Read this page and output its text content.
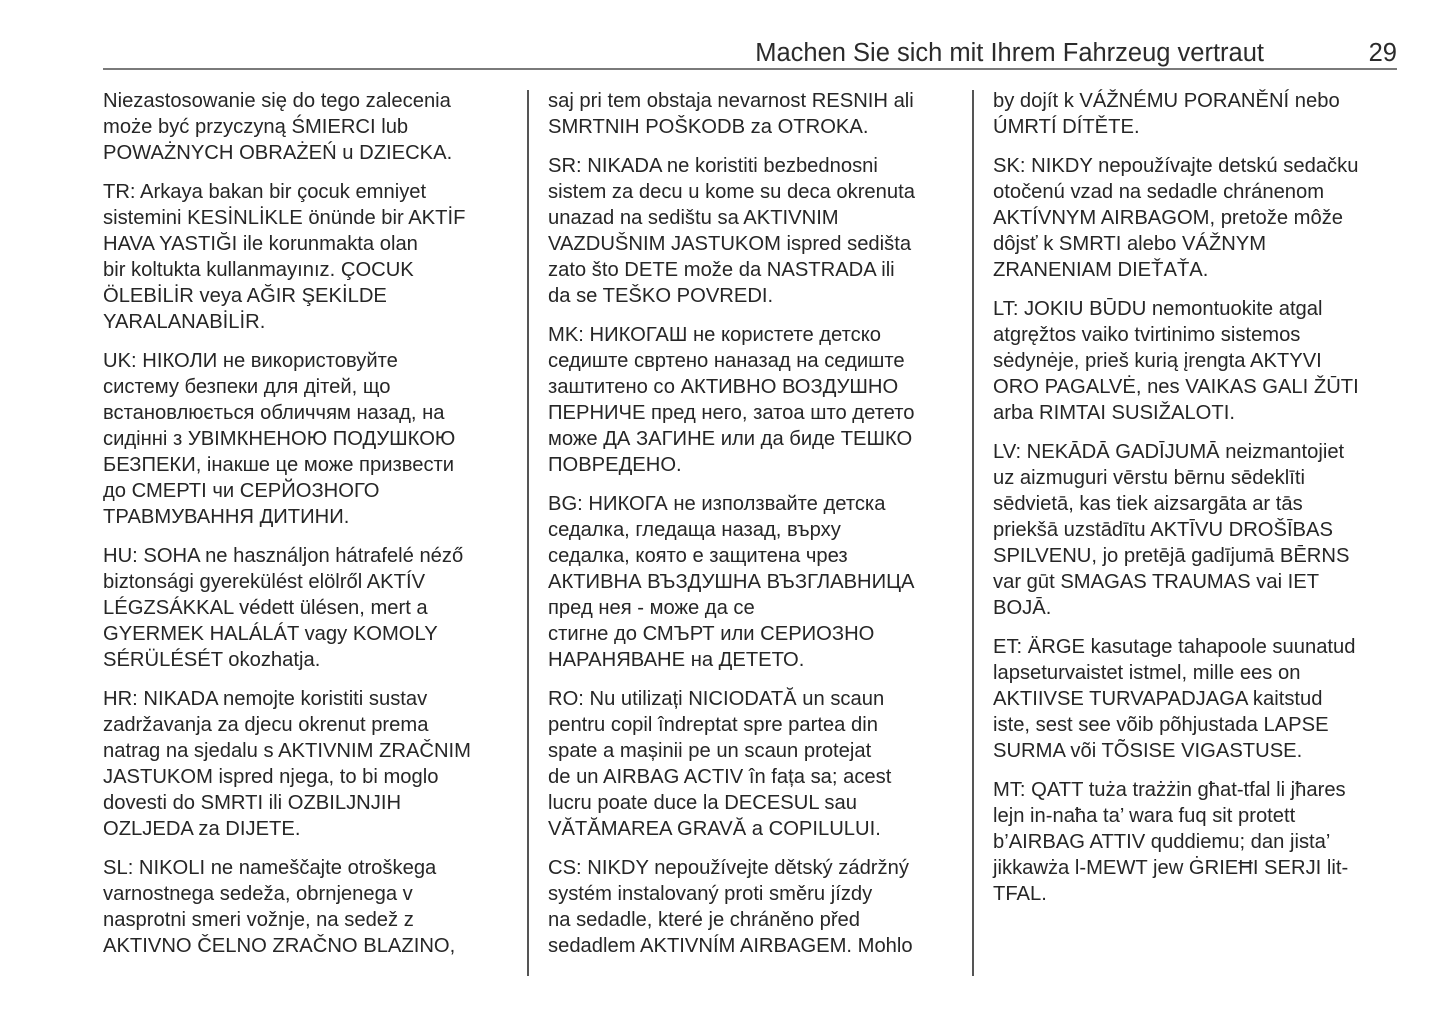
Machen Sie sich mit Ihrem Fahrzeug vertraut	29

Niezastosowanie się do tego zalecenia
może być przyczyną ŚMIERCI lub
POWAŻNYCH OBRAŻEŃ u DZIECKA.

TR: Arkaya bakan bir çocuk emniyet
sistemini KESİNLİKLE önünde bir AKTİF
HAVA YASTIĞI ile korunmakta olan
bir koltukta kullanmayınız. ÇOCUK
ÖLEBİLİR veya AĞIR ŞEKİLDE
YARALANABİLİR.

UK: НІКОЛИ не використовуйте
систему безпеки для дітей, що
встановлюється обличчям назад, на
сидінні з УВІМКНЕНОЮ ПОДУШКОЮ
БЕЗПЕКИ, інакше це може призвести
до СМЕРТІ чи СЕРЙОЗНОГО
ТРАВМУВАННЯ ДИТИНИ.

HU: SOHA ne használjon hátrafelé néző
biztonsági gyerekülést elölről AKTÍV
LÉGZSÁKKAL védett ülésen, mert a
GYERMEK HALÁLÁT vagy KOMOLY
SÉRÜLÉSÉT okozhatja.

HR: NIKADA nemojte koristiti sustav
zadržavanja za djecu okrenut prema
natrag na sjedalu s AKTIVNIM ZRAČNIM
JASTUKOM ispred njega, to bi moglo
dovesti do SMRTI ili OZBILJNJIH
OZLJEDA za DIJETE.

SL: NIKOLI ne nameščajte otroškega
varnostnega sedeža, obrnjenega v
nasprotni smeri vožnje, na sedež z
AKTIVNO ČELNO ZRAČNO BLAZINO,

saj pri tem obstaja nevarnost RESNIH ali
SMRTNIH POŠKODB za OTROKA.

SR: NIKADA ne koristiti bezbednosni
sistem za decu u kome su deca okrenuta
unazad na sedištu sa AKTIVNIM
VAZDUŠNIM JASTUKOM ispred sedišta
zato što DETE može da NASTRADA ili
da se TEŠKO POVREDI.

MK: НИКОГАШ не користете детско
седиште свртено наназад на седиште
заштитено со АКТИВНО ВОЗДУШНО
ПЕРНИЧЕ пред него, затоа што детето
може ДА ЗАГИНЕ или да биде ТЕШКО
ПОВРЕДЕНО.

BG: НИКОГА не използвайте детска
седалка, гледаща назад, върху
седалка, която е защитена чрез
АКТИВНА ВЪЗДУШНА ВЪЗГЛАВНИЦА
пред нея - може да се
стигне до СМЪРТ или СЕРИОЗНО
НАРАНЯВАНЕ на ДЕТЕТО.

RO: Nu utilizați NICIODATĂ un scaun
pentru copil îndreptat spre partea din
spate a mașinii pe un scaun protejat
de un AIRBAG ACTIV în fața sa; acest
lucru poate duce la DECESUL sau
VĂTĂMAREA GRAVĂ a COPILULUI.

CS: NIKDY nepoužívejte dětský zádržný
systém instalovaný proti směru jízdy
na sedadle, které je chráněno před
sedadlem AKTIVNÍM AIRBAGEM. Mohlo

by dojít k VÁŽNÉMU PORANĚNÍ nebo
ÚMRTÍ DÍTĚTE.

SK: NIKDY nepoužívajte detskú sedačku
otočenú vzad na sedadle chránenom
AKTÍVNYM AIRBAGOM, pretože môže
dôjsť k SMRTI alebo VÁŽNYM
ZRANENIAM DIEŤAŤA.

LT: JOKIU BŪDU nemontuokite atgal
atgręžtos vaiko tvirtinimo sistemos
sėdynėje, prieš kurią įrengta AKTYVI
ORO PAGALVĖ, nes VAIKAS GALI ŽŪTI
arba RIMTAI SUSIŽALOTI.

LV: NEKĀDĀ GADĪJUMĀ neizmantojiet
uz aizmuguri vērstu bērnu sēdeklīti
sēdvietā, kas tiek aizsargāta ar tās
priekšā uzstādītu AKTĪVU DROŠĪBAS
SPILVENU, jo pretējā gadījumā BĒRNS
var gūt SMAGAS TRAUMAS vai IET
BOJĀ.

ET: ÄRGE kasutage tahapoole suunatud
lapseturvaistet istmel, mille ees on
AKTIIVSE TURVAPADJAGA kaitstud
iste, sest see võib põhjustada LAPSE
SURMA või TÕSISE VIGASTUSE.

MT: QATT tuża trażżin għat-tfal li jħares
lejn in-naħa ta’ wara fuq sit protett
b’AIRBAG ATTIV quddiemu; dan jista’
jikkawża l-MEWT jew ĠRIEĦI SERJI lit-
TFAL.
